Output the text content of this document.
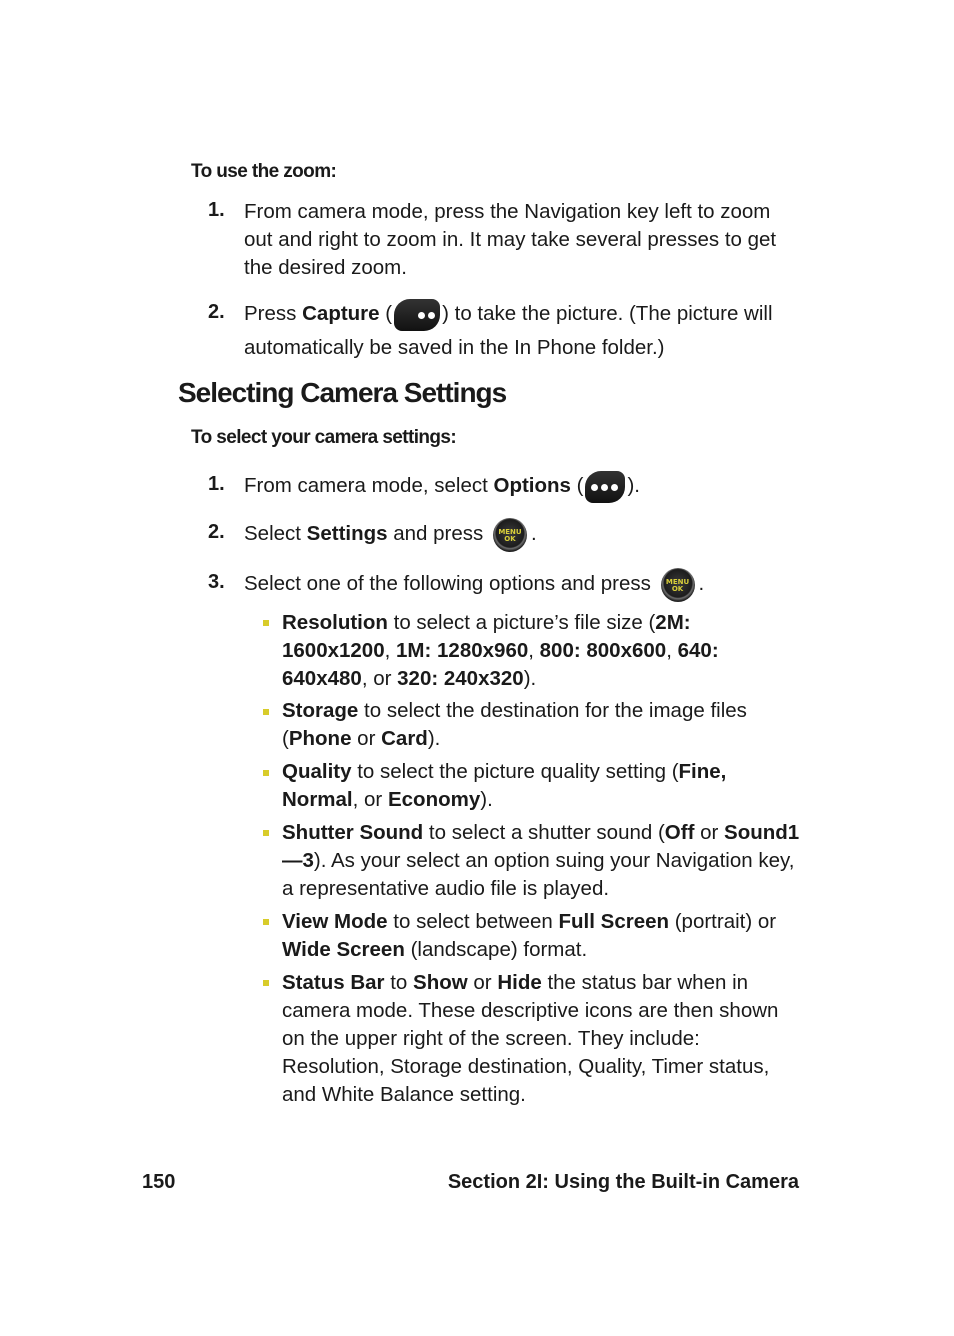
To use the zoom:
1. From camera mode, press the Navigation key left to zoom out and right to zoom in. It may take several presses to get the desired zoom.
2. Press Capture ( ) to take the picture. (The picture will automatically be saved in the In Phone folder.)
Selecting Camera Settings
To select your camera settings:
1. From camera mode, select Options ( ).
2. Select Settings and press	MENU
OK .
3. Select one of the following options and press	MENU
OK .
Resolution to select a picture’s file size (2M: 1600x1200, 1M: 1280x960, 800: 800x600, 640: 640x480, or 320: 240x320).
Storage to select the destination for the image files (Phone or Card).
Quality to select the picture quality setting (Fine, Normal, or Economy).
Shutter Sound to select a shutter sound (Off or Sound1—3). As your select an option suing your Navigation key, a representative audio file is played.
View Mode to select between Full Screen (portrait) or Wide Screen (landscape) format.
Status Bar to Show or Hide the status bar when in camera mode. These descriptive icons are then shown on the upper right of the screen. They include: Resolution, Storage destination, Quality, Timer status, and White Balance setting.
150	Section 2I: Using the Built-in Camera
